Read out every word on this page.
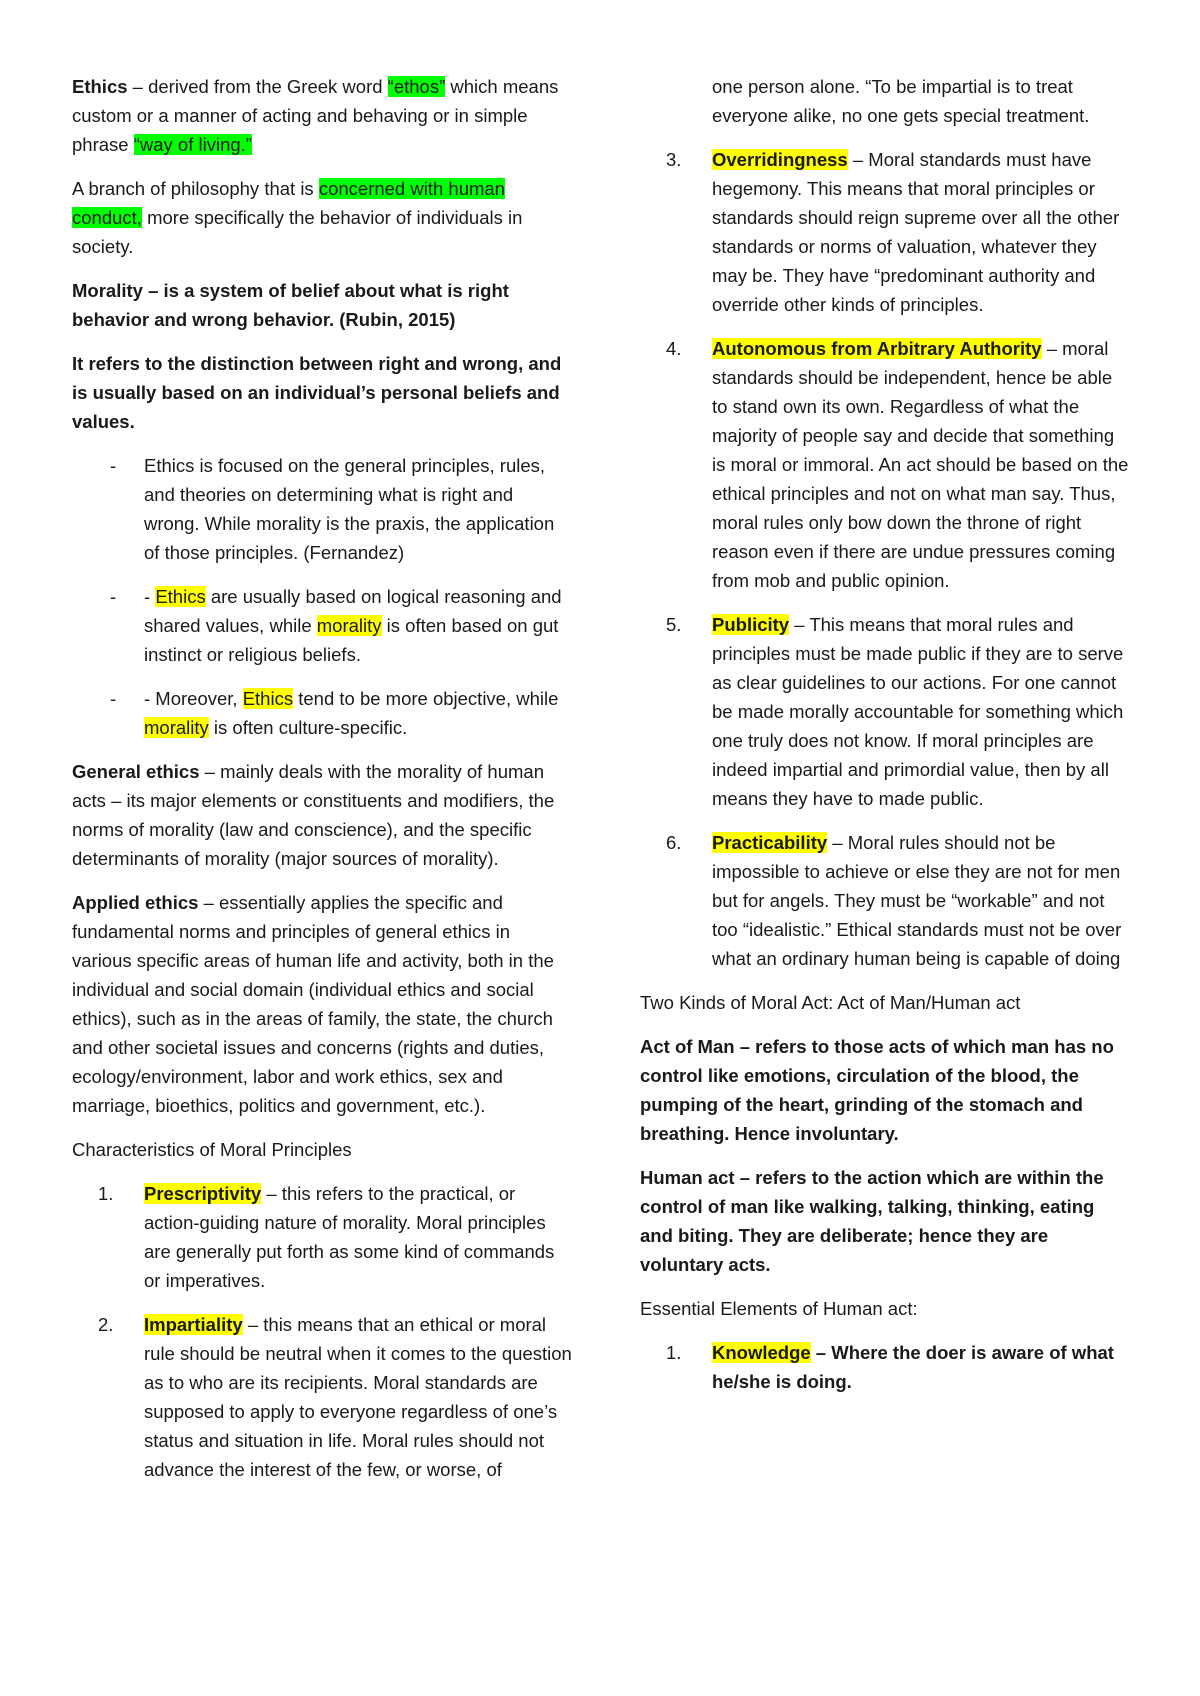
Ethics – derived from the Greek word “ethos” which means custom or a manner of acting and behaving or in simple phrase “way of living.”

A branch of philosophy that is concerned with human conduct, more specifically the behavior of individuals in society.

Morality – is a system of belief about what is right behavior and wrong behavior. (Rubin, 2015)

It refers to the distinction between right and wrong, and is usually based on an individual’s personal beliefs and values.

- Ethics is focused on the general principles, rules, and theories on determining what is right and wrong. While morality is the praxis, the application of those principles. (Fernandez)
- - Ethics are usually based on logical reasoning and shared values, while morality is often based on gut instinct or religious beliefs.
- - Moreover, Ethics tend to be more objective, while morality is often culture-specific.

General ethics – mainly deals with the morality of human acts – its major elements or constituents and modifiers, the norms of morality (law and conscience), and the specific determinants of morality (major sources of morality).

Applied ethics – essentially applies the specific and fundamental norms and principles of general ethics in various specific areas of human life and activity, both in the individual and social domain (individual ethics and social ethics), such as in the areas of family, the state, the church and other societal issues and concerns (rights and duties, ecology/environment, labor and work ethics, sex and marriage, bioethics, politics and government, etc.).

Characteristics of Moral Principles

1. Prescriptivity – this refers to the practical, or action-guiding nature of morality. Moral principles are generally put forth as some kind of commands or imperatives.
2. Impartiality – this means that an ethical or moral rule should be neutral when it comes to the question as to who are its recipients. Moral standards are supposed to apply to everyone regardless of one’s status and situation in life. Moral rules should not advance the interest of the few, or worse, of
one person alone. “To be impartial is to treat everyone alike, no one gets special treatment.
3. Overridingness – Moral standards must have hegemony. This means that moral principles or standards should reign supreme over all the other standards or norms of valuation, whatever they may be. They have “predominant authority and override other kinds of principles.
4. Autonomous from Arbitrary Authority – moral standards should be independent, hence be able to stand own its own. Regardless of what the majority of people say and decide that something is moral or immoral. An act should be based on the ethical principles and not on what man say. Thus, moral rules only bow down the throne of right reason even if there are undue pressures coming from mob and public opinion.
5. Publicity – This means that moral rules and principles must be made public if they are to serve as clear guidelines to our actions. For one cannot be made morally accountable for something which one truly does not know. If moral principles are indeed impartial and primordial value, then by all means they have to made public.
6. Practicability – Moral rules should not be impossible to achieve or else they are not for men but for angels. They must be “workable” and not too “idealistic.” Ethical standards must not be over what an ordinary human being is capable of doing

Two Kinds of Moral Act: Act of Man/Human act

Act of Man – refers to those acts of which man has no control like emotions, circulation of the blood, the pumping of the heart, grinding of the stomach and breathing. Hence involuntary.

Human act – refers to the action which are within the control of man like walking, talking, thinking, eating and biting. They are deliberate; hence they are voluntary acts.

Essential Elements of Human act:

1. Knowledge – Where the doer is aware of what he/she is doing.
